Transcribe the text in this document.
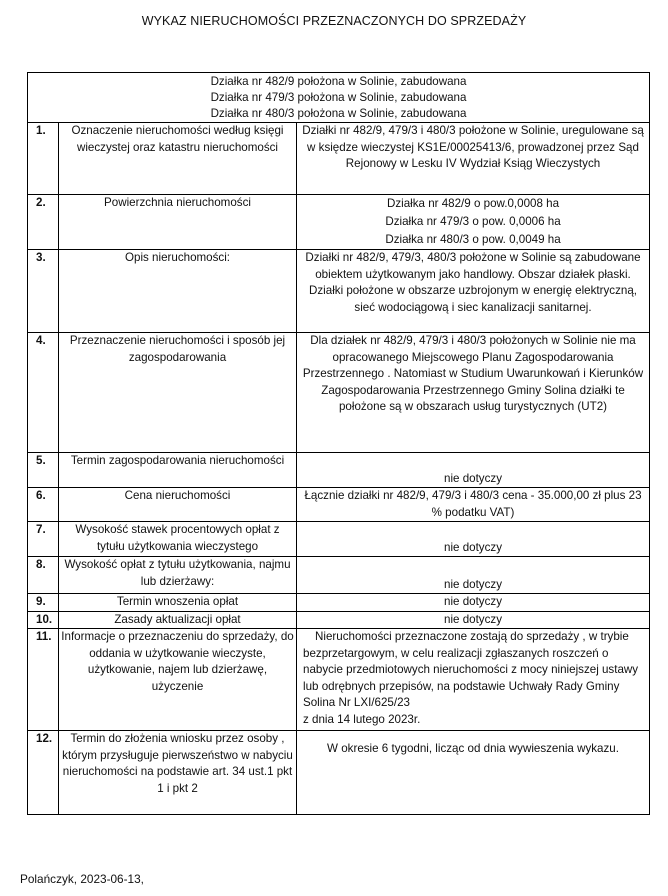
WYKAZ NIERUCHOMOŚCI PRZEZNACZONYCH DO SPRZEDAŻY
Działka nr 482/9 położona w Solinie, zabudowana
Działka nr 479/3 położona w Solinie, zabudowana
Działka nr 480/3 położona w Solinie, zabudowana		

1.	Oznaczenie nieruchomości według księgi wieczystej oraz katastru nieruchomości	Działki nr 482/9, 479/3 i 480/3 położone w Solinie, uregulowane są w księdze wieczystej KS1E/00025413/6, prowadzonej przez Sąd Rejonowy w Lesku IV Wydział Ksiąg Wieczystych
2.	Powierzchnia nieruchomości	Działka nr 482/9 o pow.0,0008 ha
Działka nr 479/3 o pow. 0,0006 ha
Działka nr 480/3 o pow. 0,0049 ha

3.	Opis nieruchomości:	Działki nr 482/9, 479/3, 480/3 położone w Solinie są zabudowane obiektem użytkowanym jako handlowy. Obszar działek płaski. Działki położone w obszarze uzbrojonym w energię elektryczną, sieć wodociągową i siec kanalizacji sanitarnej.
4.	Przeznaczenie nieruchomości i sposób jej zagospodarowania	Dla działek nr 482/9, 479/3 i 480/3 położonych w Solinie nie ma opracowanego Miejscowego Planu Zagospodarowania Przestrzennego . Natomiast w Studium Uwarunkowań i Kierunków Zagospodarowania Przestrzennego Gminy Solina działki te położone są w obszarach usług turystycznych (UT2)
5.	Termin zagospodarowania nieruchomości	nie dotyczy
6.	Cena nieruchomości	Łącznie działki nr 482/9, 479/3 i 480/3 cena - 35.000,00 zł plus 23 % podatku VAT)
7.	Wysokość stawek procentowych opłat z tytułu użytkowania wieczystego	nie dotyczy
8.	Wysokość opłat z tytułu użytkowania, najmu lub dzierżawy:	nie dotyczy
9.	Termin wnoszenia opłat	nie dotyczy
10.	Zasady aktualizacji opłat	nie dotyczy
11.	Informacje o przeznaczeniu do sprzedaży, do oddania w użytkowanie wieczyste, użytkowanie, najem lub dzierżawę, użyczenie	Nieruchomości przeznaczone zostają do sprzedaży , w trybie bezprzetargowym, w celu realizacji zgłaszanych roszczeń o nabycie przedmiotowych nieruchomości z mocy niniejszej ustawy lub odrębnych przepisów, na podstawie Uchwały Rady Gminy Solina Nr LXI/625/23
z dnia 14 lutego 2023r.

12.	Termin do złożenia wniosku przez osoby , którym przysługuje pierwszeństwo w nabyciu nieruchomości na podstawie art. 34 ust.1 pkt 1 i pkt 2	W okresie 6 tygodni, licząc od dnia wywieszenia wykazu.
Polańczyk, 2023-06-13,
